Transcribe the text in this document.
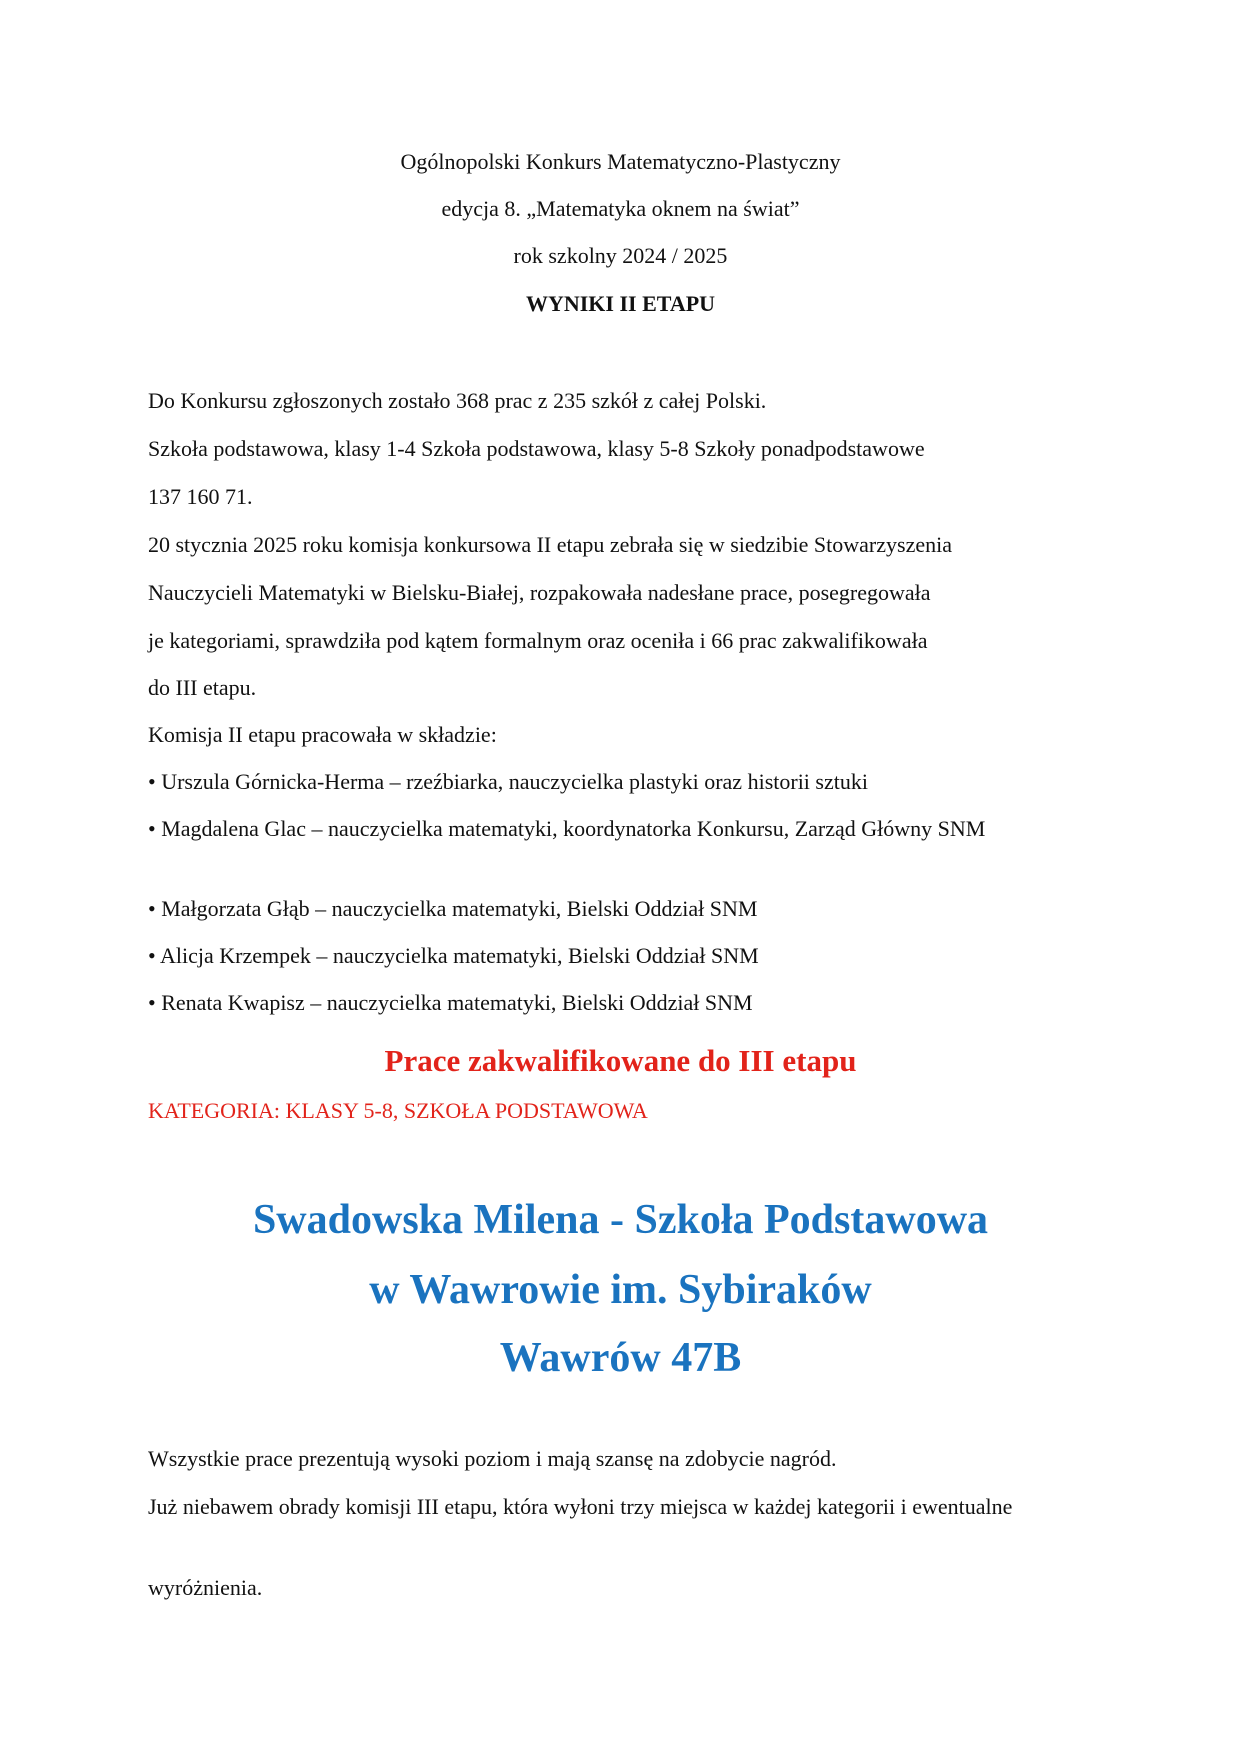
Ogólnopolski Konkurs Matematyczno-Plastyczny
edycja 8. „Matematyka oknem na świat”
rok szkolny 2024 / 2025
WYNIKI II ETAPU
Do Konkursu zgłoszonych zostało 368 prac z 235 szkół z całej Polski.
Szkoła podstawowa, klasy 1-4 Szkoła podstawowa, klasy 5-8 Szkoły ponadpodstawowe
137 160 71.
20 stycznia 2025 roku komisja konkursowa II etapu zebrała się w siedzibie Stowarzyszenia
Nauczycieli Matematyki w Bielsku-Białej, rozpakowała nadesłane prace, posegregowała
je kategoriami, sprawdziła pod kątem formalnym oraz oceniła i 66 prac zakwalifikowała
do III etapu.
Komisja II etapu pracowała w składzie:
• Urszula Górnicka-Herma – rzeźbiarka, nauczycielka plastyki oraz historii sztuki
• Magdalena Glac – nauczycielka matematyki, koordynatorka Konkursu, Zarząd Główny SNM
• Małgorzata Głąb – nauczycielka matematyki, Bielski Oddział SNM
• Alicja Krzempek – nauczycielka matematyki, Bielski Oddział SNM
• Renata Kwapisz – nauczycielka matematyki, Bielski Oddział SNM
Prace zakwalifikowane do III etapu
KATEGORIA: KLASY 5-8, SZKOŁA PODSTAWOWA
Swadowska Milena - Szkoła Podstawowa
w Wawrowie im. Sybiraków
Wawrów 47B
Wszystkie prace prezentują wysoki poziom i mają szansę na zdobycie nagród.
Już niebawem obrady komisji III etapu, która wyłoni trzy miejsca w każdej kategorii i ewentualne
wyróżnienia.
